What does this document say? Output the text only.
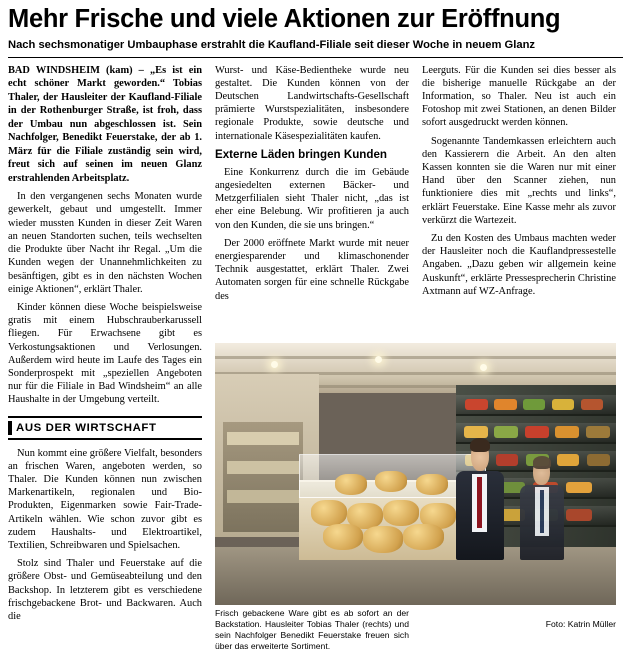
Mehr Frische und viele Aktionen zur Eröffnung
Nach sechsmonatiger Umbauphase erstrahlt die Kaufland-Filiale seit dieser Woche in neuem Glanz

BAD WINDSHEIM (kam) – „Es ist ein echt schöner Markt geworden.“ Tobias Thaler, der Hausleiter der Kaufland-Filiale in der Rothenburger Straße, ist froh, dass der Umbau nun abgeschlossen ist. Sein Nachfolger, Benedikt Feuerstake, der ab 1. März für die Filiale zuständig sein wird, freut sich auf seinen im neuen Glanz erstrahlenden Arbeitsplatz.

In den vergangenen sechs Monaten wurde gewerkelt, gebaut und umgestellt. Immer wieder mussten Kunden in dieser Zeit Waren an neuen Standorten suchen, teils wechselten die Produkte über Nacht ihr Regal. „Um die Kunden wegen der Unannehmlichkeiten zu besänftigen, gibt es in den nächsten Wochen einige Aktionen“, erklärt Thaler.

Kinder können diese Woche beispielsweise gratis mit einem Hubschrauberkarussell fliegen. Für Erwachsene gibt es Verkostungsaktionen und Verlosungen. Außerdem wird heute im Laufe des Tages ein Sonderprospekt mit „speziellen Angeboten nur für die Filiale in Bad Windsheim“ an alle Haushalte in der Umgebung verteilt.

AUS DER WIRTSCHAFT

Nun kommt eine größere Vielfalt, besonders an frischen Waren, angeboten werden, so Thaler. Die Kunden können nun zwischen Markenartikeln, regionalen und Bio-Produkten, Eigenmarken sowie Fair-Trade-Artikeln wählen. Wie schon zuvor gibt es zudem Haushalts- und Elektroartikel, Textilien, Schreibwaren und Spielsachen.

Stolz sind Thaler und Feuerstake auf die größere Obst- und Gemüseabteilung und den Backshop. In letzterem gibt es verschiedene frischgebackene Brot- und Backwaren. Auch die

Wurst- und Käse-Bedientheke wurde neu gestaltet. Die Kunden können von der Deutschen Landwirtschafts-Gesellschaft prämierte Wurstspezialitäten, insbesondere regionale Produkte, sowie deutsche und internationale Käsespezialitäten kaufen.

Externe Läden bringen Kunden

Eine Konkurrenz durch die im Gebäude angesiedelten externen Bäcker- und Metzgerfilialen sieht Thaler nicht, „das ist eher eine Belebung. Wir profitieren ja auch von den Kunden, die sie uns bringen.“

Der 2000 eröffnete Markt wurde mit neuer energiesparender und klimaschonender Technik ausgestattet, erklärt Thaler. Zwei Automaten sorgen für eine schnelle Rückgabe des

Leerguts. Für die Kunden sei dies besser als die bisherige manuelle Rückgabe an der Information, so Thaler. Neu ist auch ein Fotoshop mit zwei Stationen, an denen Bilder sofort ausgedruckt werden können.

Sogenannte Tandemkassen erleichtern auch den Kassierern die Arbeit. An den alten Kassen konnten sie die Waren nur mit einer Hand über den Scanner ziehen, nun funktioniere dies mit „rechts und links“, erklärt Feuerstake. Eine Kasse mehr als zuvor verkürzt die Wartezeit.

Zu den Kosten des Umbaus machten weder der Hausleiter noch die Kauflandpressestelle Angaben. „Dazu geben wir allgemein keine Auskunft“, erklärte Pressesprecherin Christine Axtmann auf WZ-Anfrage.

Frisch gebackene Ware gibt es ab sofort an der Backstation. Hausleiter Tobias Thaler (rechts) und sein Nachfolger Benedikt Feuerstake freuen sich über das erweiterte Sortiment.
Foto: Katrin Müller
